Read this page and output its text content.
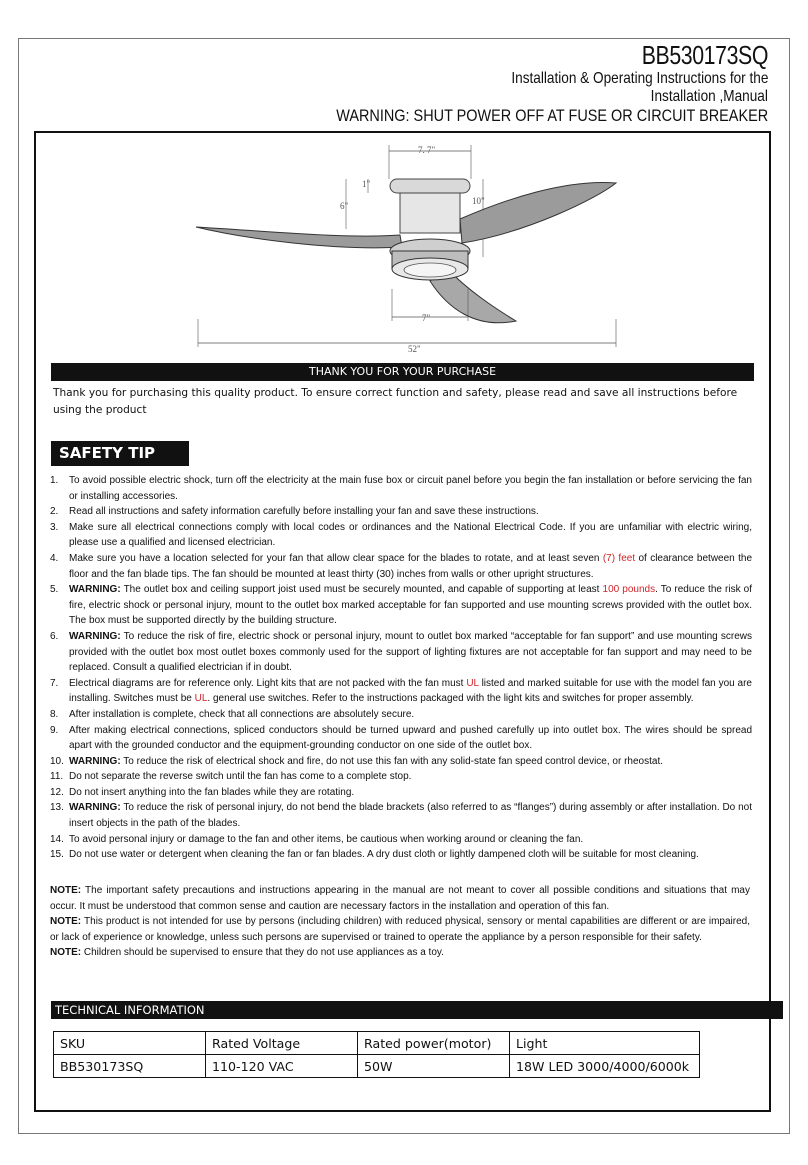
BB530173SQ
Installation & Operating Instructions for the
Installation ,Manual
WARNING: SHUT POWER OFF AT FUSE OR CIRCUIT BREAKER
7. 7"
1"
6"	10"
7"
52"
THANK YOU FOR YOUR PURCHASE
Thank you for purchasing this quality product. To ensure correct function and safety, please read and save all instructions before using the product
SAFETY TIP
1. To avoid possible electric shock, turn off the electricity at the main fuse box or circuit panel before you begin the fan installation or before servicing the fan or installing accessories.
2. Read all instructions and safety information carefully before installing your fan and save these instructions.
3. Make sure all electrical connections comply with local codes or ordinances and the National Electrical Code. If you are unfamiliar with electric wiring, please use a qualified and licensed electrician.
4. Make sure you have a location selected for your fan that allow clear space for the blades to rotate, and at least seven (7) feet of clearance between the floor and the fan blade tips. The fan should be mounted at least thirty (30) inches from walls or other upright structures.
5. WARNING: The outlet box and ceiling support joist used must be securely mounted, and capable of supporting at least 100 pounds. To reduce the risk of fire, electric shock or personal injury, mount to the outlet box marked acceptable for fan supported and use mounting screws provided with the outlet box. The box must be supported directly by the building structure.
6. WARNING: To reduce the risk of fire, electric shock or personal injury, mount to outlet box marked “acceptable for fan support” and use mounting screws provided with the outlet box most outlet boxes commonly used for the support of lighting fixtures are not acceptable for fan support and may need to be replaced. Consult a qualified electrician if in doubt.
7. Electrical diagrams are for reference only. Light kits that are not packed with the fan must UL listed and marked suitable for use with the model fan you are installing. Switches must be UL. general use switches. Refer to the instructions packaged with the light kits and switches for proper assembly.
8. After installation is complete, check that all connections are absolutely secure.
9. After making electrical connections, spliced conductors should be turned upward and pushed carefully up into outlet box. The wires should be spread apart with the grounded conductor and the equipment-grounding conductor on one side of the outlet box.
10. WARNING: To reduce the risk of electrical shock and fire, do not use this fan with any solid-state fan speed control device, or rheostat.
11. Do not separate the reverse switch until the fan has come to a complete stop.
12. Do not insert anything into the fan blades while they are rotating.
13. WARNING: To reduce the risk of personal injury, do not bend the blade brackets (also referred to as “flanges”) during assembly or after installation. Do not insert objects in the path of the blades.
14. To avoid personal injury or damage to the fan and other items, be cautious when working around or cleaning the fan.
15. Do not use water or detergent when cleaning the fan or fan blades. A dry dust cloth or lightly dampened cloth will be suitable for most cleaning.

NOTE: The important safety precautions and instructions appearing in the manual are not meant to cover all possible conditions and situations that may occur. It must be understood that common sense and caution are necessary factors in the installation and operation of this fan.

NOTE: This product is not intended for use by persons (including children) with reduced physical, sensory or mental capabilities are different or are impaired, or lack of experience or knowledge, unless such persons are supervised or trained to operate the appliance by a person responsible for their safety.

NOTE: Children should be supervised to ensure that they do not use appliances as a toy.

TECHNICAL INFORMATION
SKU	Rated Voltage	Rated power(motor)	Light
BB530173SQ	110-120 VAC	50W	18W LED 3000/4000/6000k
